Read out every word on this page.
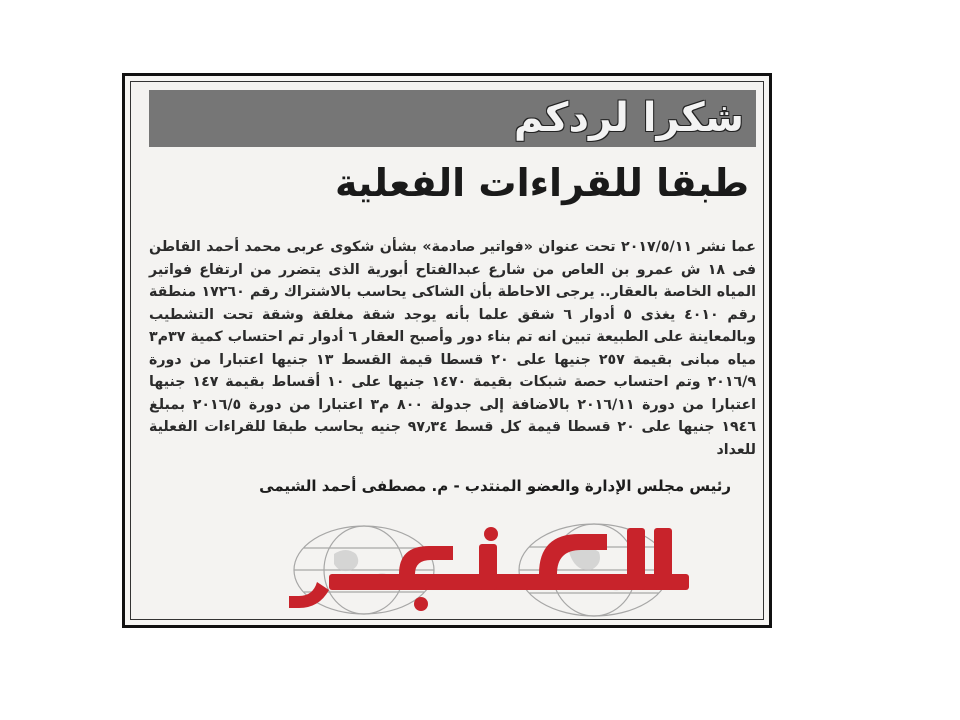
شكرا لردكم
طبقا للقراءات الفعلية
عما نشر ٢٠١٧/٥/١١ تحت عنوان «فواتير صادمة» بشأن شكوى عربى محمد أحمد القاطن فى ١٨ ش عمرو بن العاص من شارع عبدالفتاح أبورية الذى يتضرر من ارتفاع فواتير المياه الخاصة بالعقار.. يرجى الاحاطة بأن الشاكى يحاسب بالاشتراك رقم ١٧٢٦٠ منطقة رقم ٤٠١٠ يغذى ٥ أدوار ٦ شقق علما بأنه يوجد شقة مغلقة وشقة تحت التشطيب وبالمعاينة على الطبيعة تبين انه تم بناء دور وأصبح العقار ٦ أدوار تم احتساب كمية ٣٧م٣ مياه مبانى بقيمة ٢٥٧ جنيها على ٢٠ قسطا قيمة القسط ١٣ جنيها اعتبارا من دورة ٢٠١٦/٩ وتم احتساب حصة شبكات بقيمة ١٤٧٠ جنيها على ١٠ أقساط بقيمة ١٤٧ جنيها اعتبارا من دورة ٢٠١٦/١١ بالاضافة إلى جدولة ٨٠٠ م٣ اعتبارا من دورة ٢٠١٦/٥ بمبلغ ١٩٤٦ جنيها على ٢٠ قسطا قيمة كل قسط ٩٧٫٣٤ جنيه يحاسب طبقا للقراءات الفعلية للعداد
رئيس مجلس الإدارة والعضو المنتدب - م. مصطفى أحمد الشيمى
